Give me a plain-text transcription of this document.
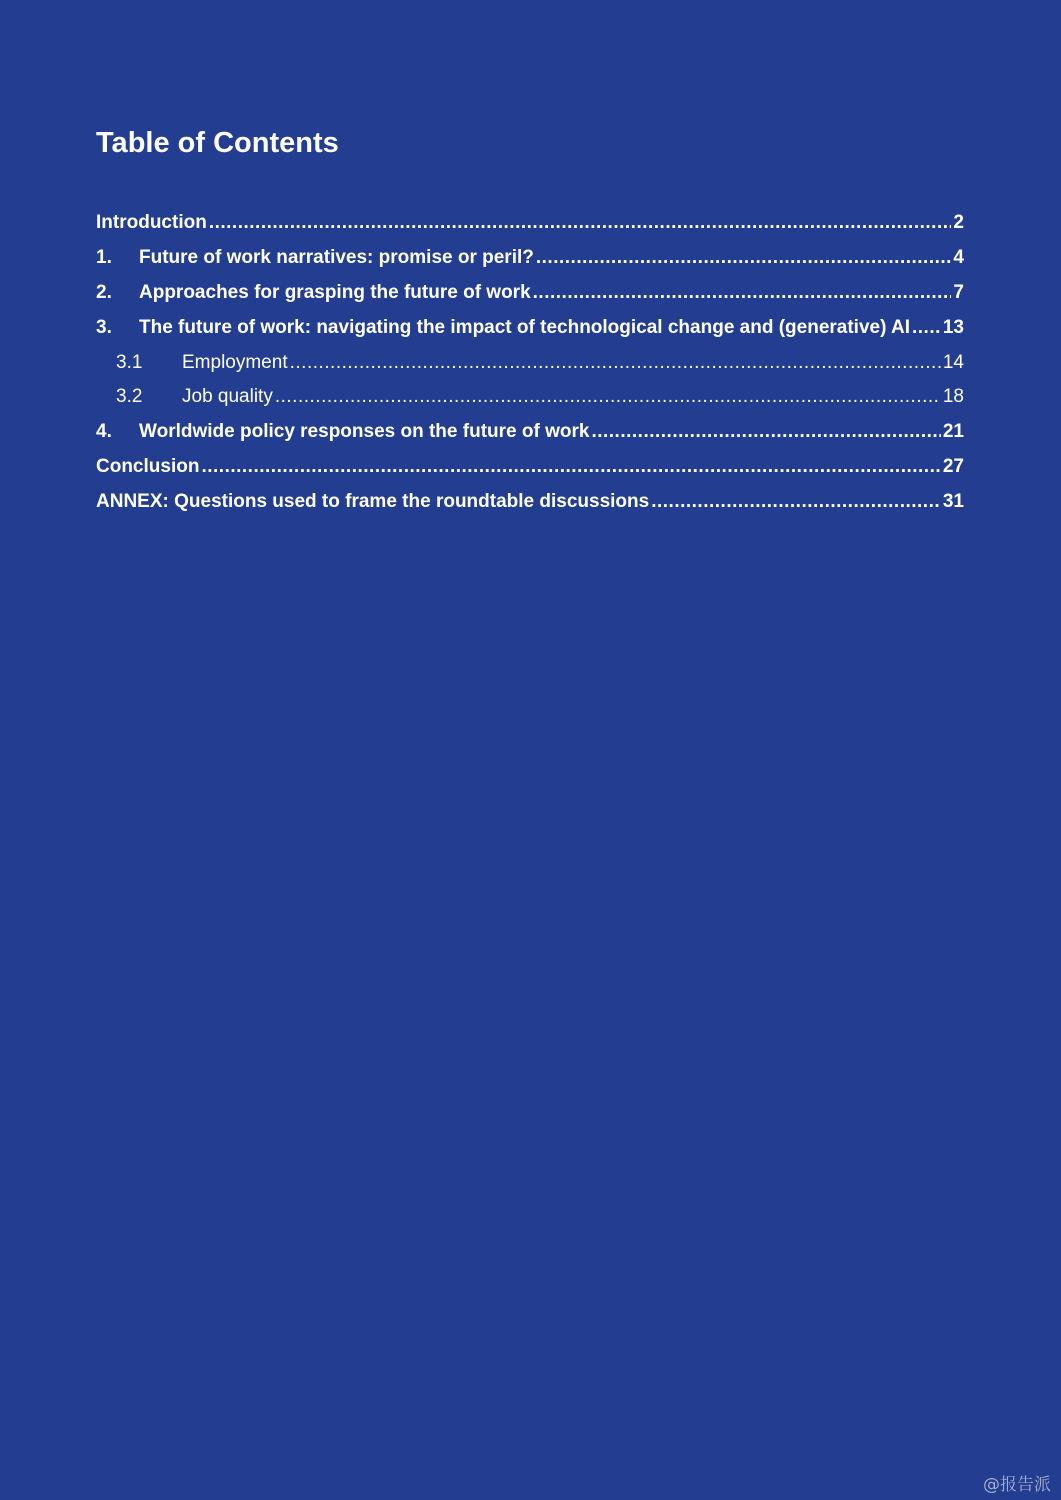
Table of Contents
Introduction .....	2
1.	Future of work narratives: promise or peril? .....	4
2.	Approaches for grasping the future of work .....	7
3.	The future of work: navigating the impact of technological change and (generative) AI ..... 13
3.1	Employment .....	14
3.2	Job quality .....	18
4.	Worldwide policy responses on the future of work .....	21
Conclusion .....	27
ANNEX: Questions used to frame the roundtable discussions .....	31
@报告派
